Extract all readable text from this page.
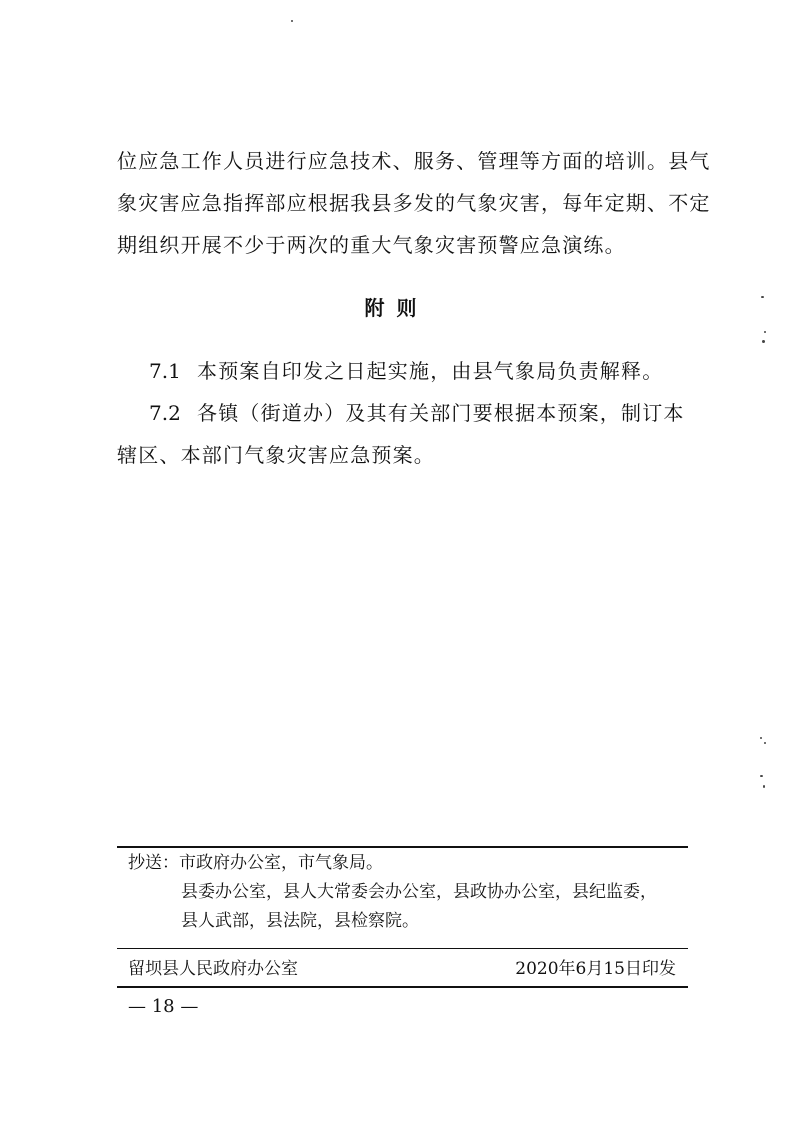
位应急工作人员进行应急技术、服务、管理等方面的培训。县气

象灾害应急指挥部应根据我县多发的气象灾害，每年定期、不定

期组织开展不少于两次的重大气象灾害预警应急演练。

附则

7.1 本预案自印发之日起实施，由县气象局负责解释。

7.2 各镇（街道办）及其有关部门要根据本预案，制订本

辖区、本部门气象灾害应急预案。

抄送：市政府办公室，市气象局。

县委办公室，县人大常委会办公室，县政协办公室，县纪监委，

县人武部，县法院，县检察院。

留坝县人民政府办公室	2020年6月15日印发
— 18 —
